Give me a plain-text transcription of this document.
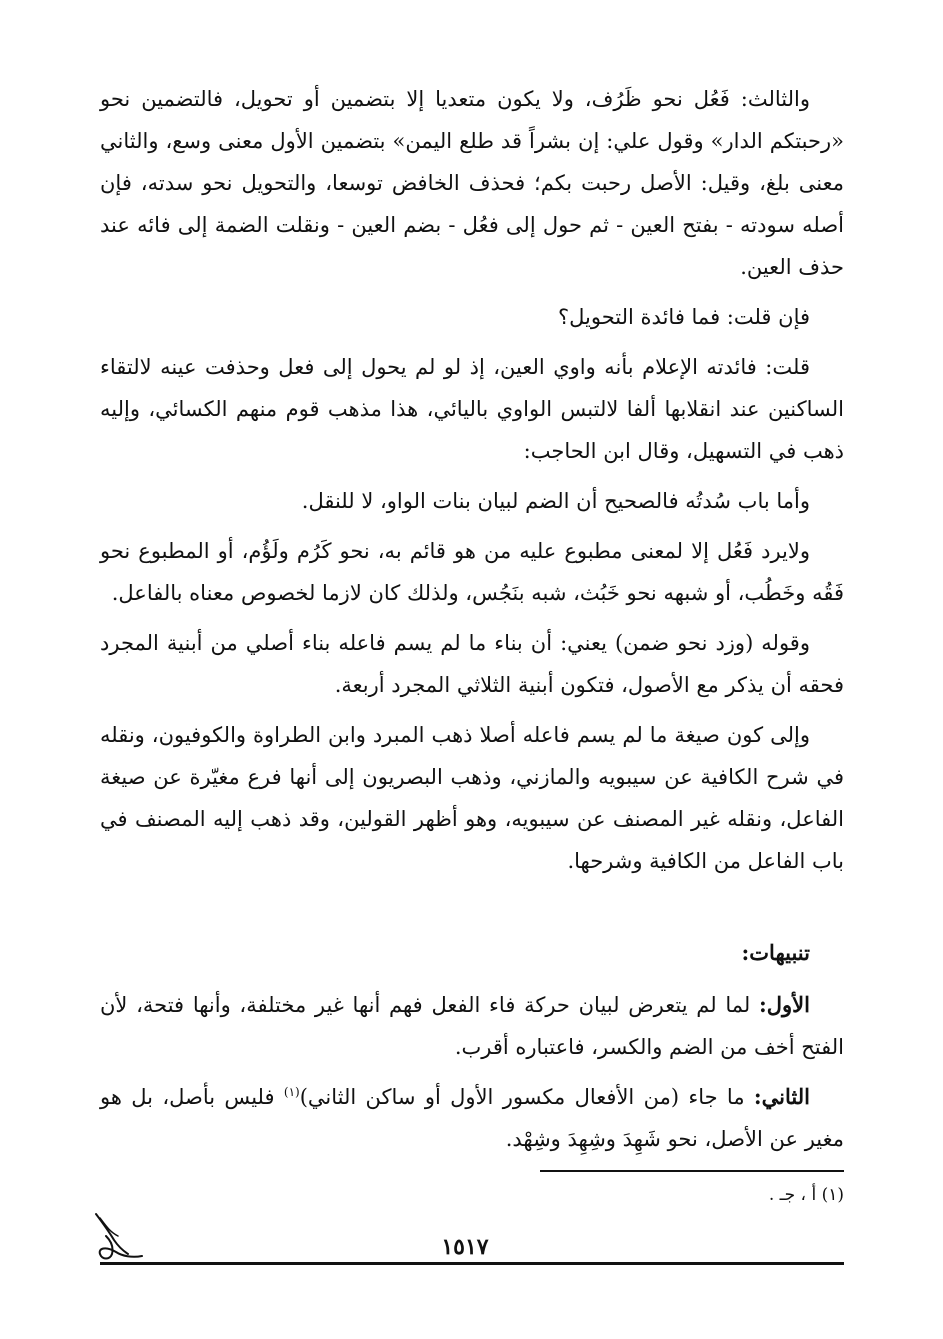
والثالث: فَعُل نحو ظَرُف، ولا يكون متعديا إلا بتضمين أو تحويل، فالتضمين نحو «رحبتكم الدار» وقول علي: إن بشراً قد طلع اليمن» بتضمين الأول معنى وسع، والثاني معنى بلغ، وقيل: الأصل رحبت بكم؛ فحذف الخافض توسعا، والتحويل نحو سدته، فإن أصله سودته - بفتح العين - ثم حول إلى فعُل - بضم العين - ونقلت الضمة إلى فائه عند حذف العين.

فإن قلت: فما فائدة التحويل؟

قلت: فائدته الإعلام بأنه واوي العين، إذ لو لم يحول إلى فعل وحذفت عينه لالتقاء الساكنين عند انقلابها ألفا لالتبس الواوي باليائي، هذا مذهب قوم منهم الكسائي، وإليه ذهب في التسهيل، وقال ابن الحاجب:

وأما باب سُدتُه فالصحيح أن الضم لبيان بنات الواو، لا للنقل.

ولايرد فَعُل إلا لمعنى مطبوع عليه من هو قائم به، نحو كَرُم ولَؤُم، أو المطبوع نحو فَقُه وخَطُب، أو شبهه نحو خَبُث، شبه بنَجُس، ولذلك كان لازما لخصوص معناه بالفاعل.

وقوله (وزد نحو ضمن) يعني: أن بناء ما لم يسم فاعله بناء أصلي من أبنية المجرد فحقه أن يذكر مع الأصول، فتكون أبنية الثلاثي المجرد أربعة.

وإلى كون صيغة ما لم يسم فاعله أصلا ذهب المبرد وابن الطراوة والكوفيون، ونقله في شرح الكافية عن سيبويه والمازني، وذهب البصريون إلى أنها فرع مغيّرة عن صيغة الفاعل، ونقله غير المصنف عن سيبويه، وهو أظهر القولين، وقد ذهب إليه المصنف في باب الفاعل من الكافية وشرحها.

تنبيهات:

الأول: لما لم يتعرض لبيان حركة فاء الفعل فهم أنها غير مختلفة، وأنها فتحة، لأن الفتح أخف من الضم والكسر، فاعتباره أقرب.

الثاني: ما جاء (من الأفعال مكسور الأول أو ساكن الثاني)$^{(١)}$ فليس بأصل، بل هو مغير عن الأصل، نحو شَهِدَ وشِهِدَ وشِهْد.

(١) أ ، جـ .
١٥١٧
